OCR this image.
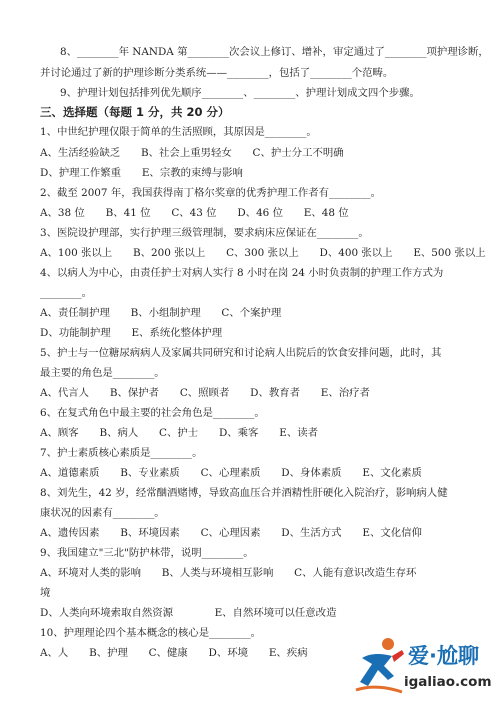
8、________年 NANDA 第________次会议上修订、增补，审定通过了________项护理诊断，
并讨论通过了新的护理诊断分类系统——________，包括了________个范畴。
9、护理计划包括排列优先顺序________、________、护理计划成文四个步骤。
三、选择题（每题 1 分，共 20 分）
1、中世纪护理仅限于简单的生活照顾，其原因是________。
A、生活经验缺乏　　B、社会上重男轻女　　C、护士分工不明确
D、护理工作繁重　　E、宗教的束缚与影响
2、截至 2007 年，我国获得南丁格尔奖章的优秀护理工作者有________。
A、38 位　　B、41 位　　C、43 位　　D、46 位　　E、48 位
3、医院设护理部，实行护理三级管理制，要求病床应保证在________。
A、100 张以上　　B、200 张以上　　C、300 张以上　　D、400 张以上　　E、500 张以上
4、以病人为中心，由责任护士对病人实行 8 小时在岗 24 小时负责制的护理工作方式为
________。
A、责任制护理　　B、小组制护理　　C、个案护理
D、功能制护理　　E、系统化整体护理
5、护士与一位糖尿病病人及家属共同研究和讨论病人出院后的饮食安排问题，此时，其
最主要的角色是________。
A、代言人　　B、保护者　　C、照顾者　　D、教育者　　E、治疗者
6、在复式角色中最主要的社会角色是________。
A、顾客　　B、病人　　C、护士　　D、乘客　　E、读者
7、护士素质核心素质是________。
A、道德素质　　B、专业素质　　C、心理素质　　D、身体素质　　E、文化素质
8、刘先生，42 岁，经常酗酒赌博，导致高血压合并酒精性肝硬化入院治疗，影响病人健
康状况的因素有________。
A、遗传因素　　B、环境因素　　C、心理因素　　D、生活方式　　E、文化信仰
9、我国建立"三北"防护林带，说明________。
A、环境对人类的影响　　B、人类与环境相互影响　　C、人能有意识改造生存环
境
D、人类向环境索取自然资源　　　　E、自然环境可以任意改造
10、护理理论四个基本概念的核心是________。
A、人　　B、护理　　C、健康　　D、环境　　E、疾病	爱·尬聊
igaliao.com
